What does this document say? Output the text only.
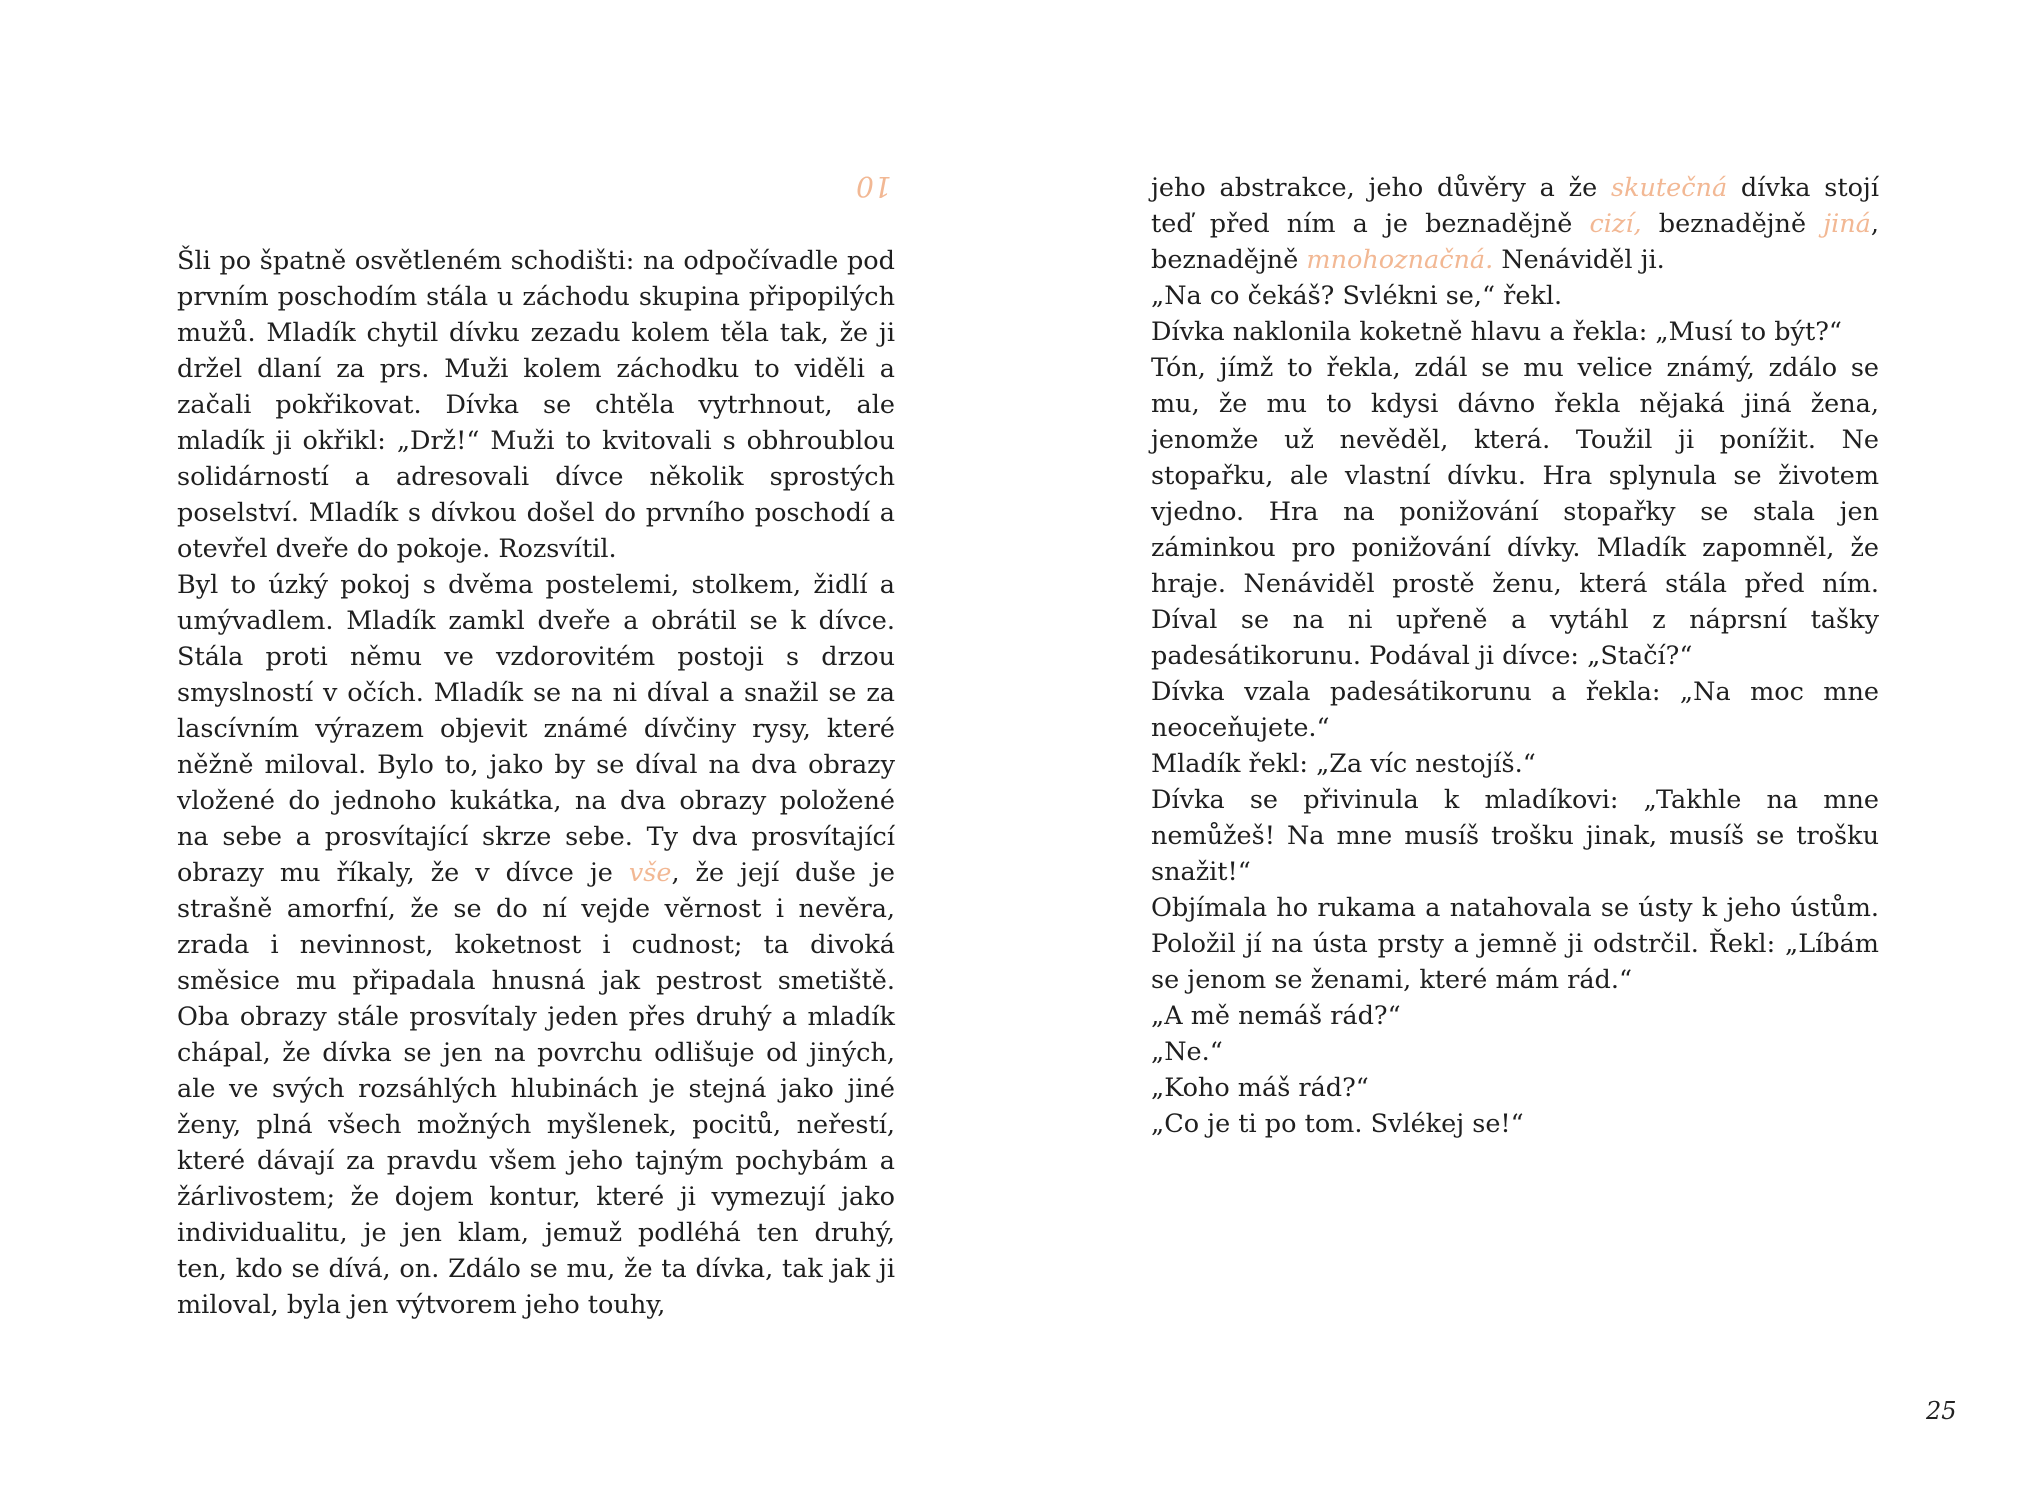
10

Šli po špatně osvětleném schodišti: na odpočívadle pod prvním poschodím stála u záchodu skupina připopilých mužů. Mladík chytil dívku zezadu kolem těla tak, že ji držel dlaní za prs. Muži kolem záchodku to viděli a začali pokřikovat. Dívka se chtěla vytrhnout, ale mladík ji okřikl: „Drž!“ Muži to kvitovali s obhroublou solidárností a adresovali dívce několik sprostých poselství. Mladík s dívkou došel do prvního poschodí a otevřel dveře do pokoje. Rozsvítil.

Byl to úzký pokoj s dvěma postelemi, stolkem, židlí a umývadlem. Mladík zamkl dveře a obrátil se k dívce. Stála proti němu ve vzdorovitém postoji s drzou smyslností v očích. Mladík se na ni díval a snažil se za lascívním výrazem objevit známé dívčiny rysy, které něžně miloval. Bylo to, jako by se díval na dva obrazy vložené do jednoho kukátka, na dva obrazy položené na sebe a prosvítající skrze sebe. Ty dva prosvítající obrazy mu říkaly, že v dívce je vše, že její duše je strašně amorfní, že se do ní vejde věrnost i nevěra, zrada i nevinnost, koketnost i cudnost; ta divoká směsice mu připadala hnusná jak pestrost smetiště. Oba obrazy stále prosvítaly jeden přes druhý a mladík chápal, že dívka se jen na povrchu odlišuje od jiných, ale ve svých rozsáhlých hlubinách je stejná jako jiné ženy, plná všech možných myšlenek, pocitů, neřestí, které dávají za pravdu všem jeho tajným pochybám a žárlivostem; že dojem kontur, které ji vymezují jako individualitu, je jen klam, jemuž podléhá ten druhý, ten, kdo se dívá, on. Zdálo se mu, že ta dívka, tak jak ji miloval, byla jen výtvorem jeho touhy,

jeho abstrakce, jeho důvěry a že skutečná dívka stojí teď před ním a je beznadějně cizí, beznadějně jiná, beznadějně mnohoznačná. Nenáviděl ji.

„Na co čekáš? Svlékni se,“ řekl.

Dívka naklonila koketně hlavu a řekla: „Musí to být?“

Tón, jímž to řekla, zdál se mu velice známý, zdálo se mu, že mu to kdysi dávno řekla nějaká jiná žena, jenomže už nevěděl, která. Toužil ji ponížit. Ne stopařku, ale vlastní dívku. Hra splynula se životem vjedno. Hra na ponižování stopařky se stala jen záminkou pro ponižování dívky. Mladík zapomněl, že hraje. Nenáviděl prostě ženu, která stála před ním. Díval se na ni upřeně a vytáhl z náprsní tašky padesátikorunu. Podával ji dívce: „Stačí?“

Dívka vzala padesátikorunu a řekla: „Na moc mne neoceňujete.“

Mladík řekl: „Za víc nestojíš.“

Dívka se přivinula k mladíkovi: „Takhle na mne nemůžeš! Na mne musíš trošku jinak, musíš se trošku snažit!“

Objímala ho rukama a natahovala se ústy k jeho ústům. Položil jí na ústa prsty a jemně ji odstrčil. Řekl: „Líbám se jenom se ženami, které mám rád.“

„A mě nemáš rád?“

„Ne.“

„Koho máš rád?“

„Co je ti po tom. Svlékej se!“

25
